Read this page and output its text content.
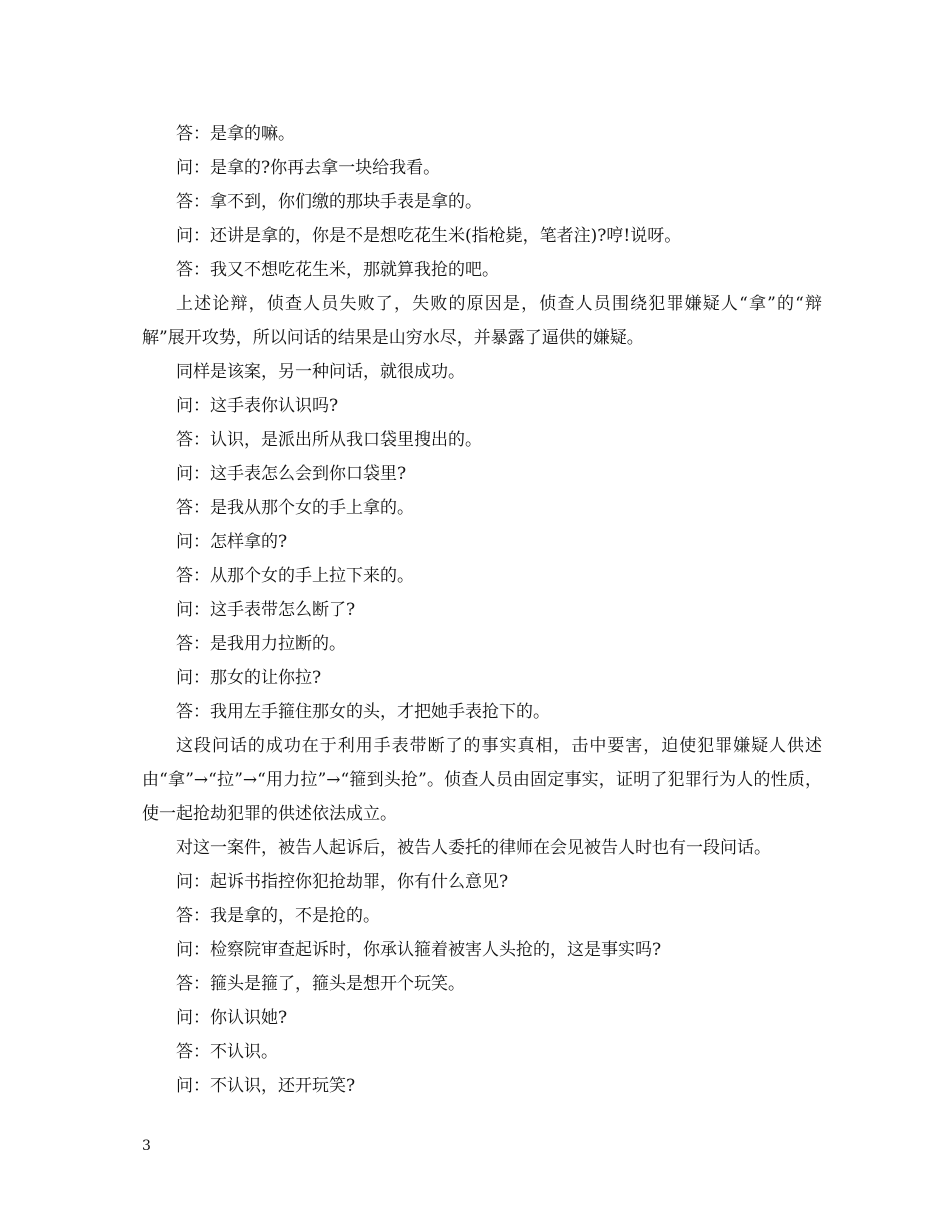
答：是拿的嘛。

问：是拿的?你再去拿一块给我看。

答：拿不到，你们缴的那块手表是拿的。

问：还讲是拿的，你是不是想吃花生米(指枪毙，笔者注)?哼!说呀。

答：我又不想吃花生米，那就算我抢的吧。

上述论辩，侦查人员失败了，失败的原因是，侦查人员围绕犯罪嫌疑人“拿”的“辩解”展开攻势，所以问话的结果是山穷水尽，并暴露了逼供的嫌疑。

同样是该案，另一种问话，就很成功。

问：这手表你认识吗?

答：认识，是派出所从我口袋里搜出的。

问：这手表怎么会到你口袋里?

答：是我从那个女的手上拿的。

问：怎样拿的?

答：从那个女的手上拉下来的。

问：这手表带怎么断了?

答：是我用力拉断的。

问：那女的让你拉?

答：我用左手箍住那女的头，才把她手表抢下的。

这段问话的成功在于利用手表带断了的事实真相，击中要害，迫使犯罪嫌疑人供述由“拿”→“拉”→“用力拉”→“箍到头抢”。侦查人员由固定事实，证明了犯罪行为人的性质，使一起抢劫犯罪的供述依法成立。

对这一案件，被告人起诉后，被告人委托的律师在会见被告人时也有一段问话。

问：起诉书指控你犯抢劫罪，你有什么意见?

答：我是拿的，不是抢的。

问：检察院审查起诉时，你承认箍着被害人头抢的，这是事实吗?

答：箍头是箍了，箍头是想开个玩笑。

问：你认识她?

答：不认识。

问：不认识，还开玩笑?

3
